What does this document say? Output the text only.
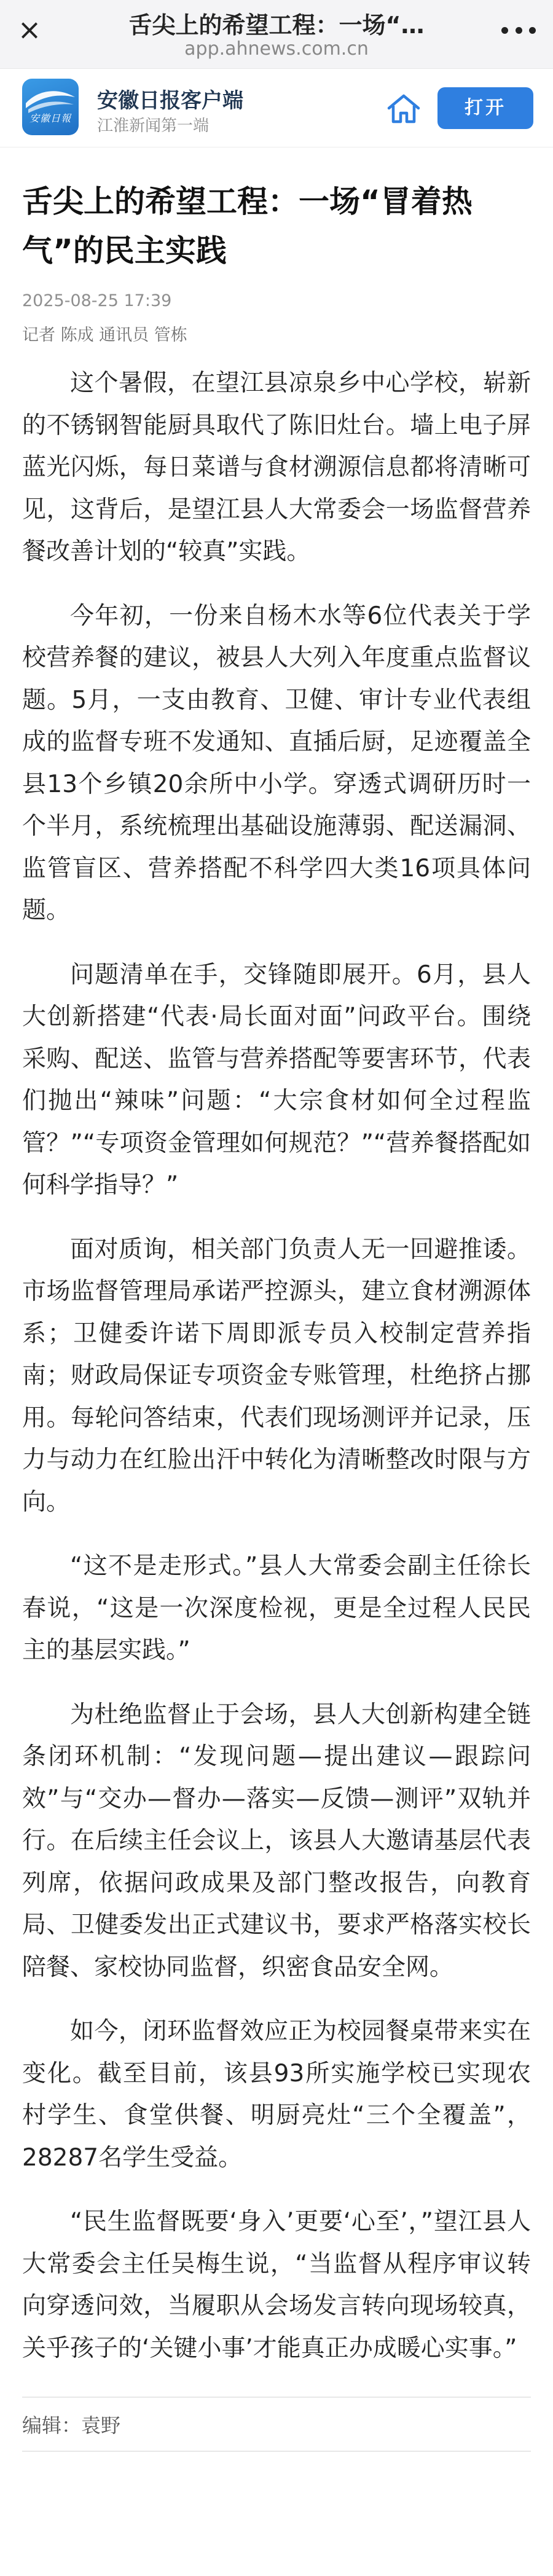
×	舌尖上的希望工程：一场“…
app.ahnews.com.cn
安徽日報
安徽日报客户端
江淮新闻第一端
打开
舌尖上的希望工程：一场“冒着热气”的民主实践
2025-08-25 17:39
记者 陈成 通讯员 管栋

这个暑假，在望江县凉泉乡中心学校，崭新的不锈钢智能厨具取代了陈旧灶台。墙上电子屏蓝光闪烁，每日菜谱与食材溯源信息都将清晰可见，这背后，是望江县人大常委会一场监督营养餐改善计划的“较真”实践。

今年初，一份来自杨木水等6位代表关于学校营养餐的建议，被县人大列入年度重点监督议题。5月，一支由教育、卫健、审计专业代表组成的监督专班不发通知、直插后厨，足迹覆盖全县13个乡镇20余所中小学。穿透式调研历时一个半月，系统梳理出基础设施薄弱、配送漏洞、监管盲区、营养搭配不科学四大类16项具体问题。

问题清单在手，交锋随即展开。6月，县人大创新搭建“代表·局长面对面”问政平台。围绕采购、配送、监管与营养搭配等要害环节，代表们抛出“辣味”问题：“大宗食材如何全过程监管？”“专项资金管理如何规范？”“营养餐搭配如何科学指导？”

面对质询，相关部门负责人无一回避推诿。市场监督管理局承诺严控源头，建立食材溯源体系；卫健委许诺下周即派专员入校制定营养指南；财政局保证专项资金专账管理，杜绝挤占挪用。每轮问答结束，代表们现场测评并记录，压力与动力在红脸出汗中转化为清晰整改时限与方向。

“这不是走形式。”县人大常委会副主任徐长春说，“这是一次深度检视，更是全过程人民民主的基层实践。”

为杜绝监督止于会场，县人大创新构建全链条闭环机制：“发现问题—提出建议—跟踪问效”与“交办—督办—落实—反馈—测评”双轨并行。在后续主任会议上，该县人大邀请基层代表列席，依据问政成果及部门整改报告，向教育局、卫健委发出正式建议书，要求严格落实校长陪餐、家校协同监督，织密食品安全网。

如今，闭环监督效应正为校园餐桌带来实在变化。截至目前，该县93所实施学校已实现农村学生、食堂供餐、明厨亮灶“三个全覆盖”，28287名学生受益。

“民生监督既要‘身入’更要‘心至’，”望江县人大常委会主任吴梅生说，“当监督从程序审议转向穿透问效，当履职从会场发言转向现场较真，关乎孩子的‘关键小事’才能真正办成暖心实事。”

编辑：袁野
